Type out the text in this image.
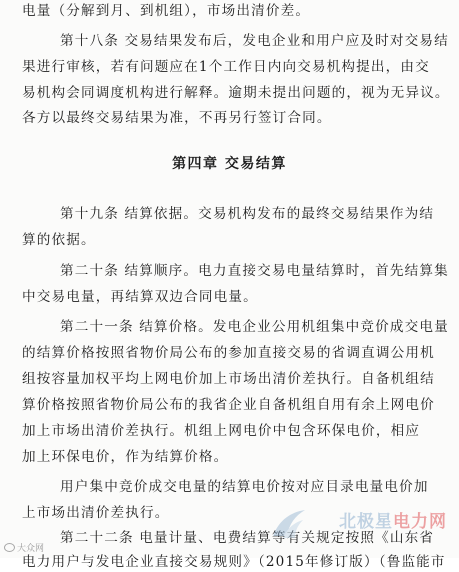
电量（分解到月、到机组），市场出清价差。
第十八条 交易结果发布后，发电企业和用户应及时对交易结
果进行审核，若有问题应在1个工作日内向交易机构提出，由交
易机构会同调度机构进行解释。逾期未提出问题的，视为无异议。
各方以最终交易结果为准，不再另行签订合同。
第四章 交易结算
第十九条 结算依据。交易机构发布的最终交易结果作为结
算的依据。
第二十条 结算顺序。电力直接交易电量结算时，首先结算集
中交易电量，再结算双边合同电量。
第二十一条 结算价格。发电企业公用机组集中竞价成交电量
的结算价格按照省物价局公布的参加直接交易的省调直调公用机
组按容量加权平均上网电价加上市场出清价差执行。自备机组结
算价格按照省物价局公布的我省企业自备机组自用有余上网电价
加上市场出清价差执行。机组上网电价中包含环保电价，相应
加上环保电价，作为结算价格。
用户集中竞价成交电量的结算电价按对应目录电量电价加
上市场出清价差执行。
第二十二条 电量计量、电费结算等有关规定按照《山东省
电力用户与发电企业直接交易规则》（2015年修订版）（鲁监能市
北极星电力网
大众网
